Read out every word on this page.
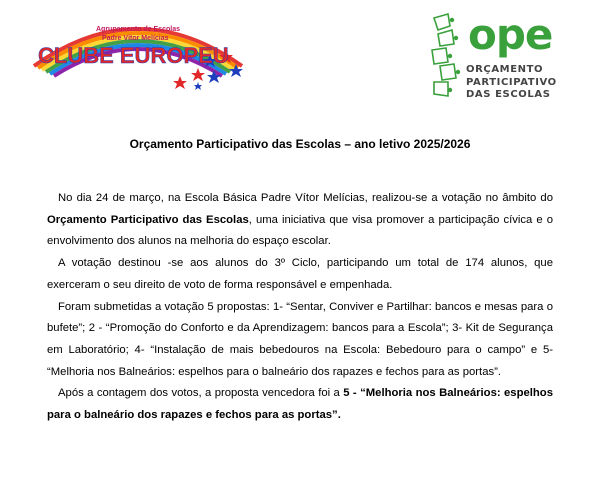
Agrupamento de Escolas
Padre Vítor Melícias
CLUBE EUROPEU	ope
ORÇAMENTO
PARTICIPATIVO
DAS ESCOLAS
Orçamento Participativo das Escolas – ano letivo 2025/2026

No dia 24 de março, na Escola Básica Padre Vítor Melícias, realizou-se a votação no âmbito do Orçamento Participativo das Escolas, uma iniciativa que visa promover a participação cívica e o envolvimento dos alunos na melhoria do espaço escolar.

A votação destinou -se aos alunos do 3º Ciclo, participando um total de 174 alunos, que exerceram o seu direito de voto de forma responsável e empenhada.

Foram submetidas a votação 5 propostas: 1- “Sentar, Conviver e Partilhar: bancos e mesas para o bufete”; 2 - “Promoção do Conforto e da Aprendizagem: bancos para a Escola”; 3- Kit de Segurança em Laboratório; 4- “Instalação de mais bebedouros na Escola: Bebedouro para o campo” e 5- “Melhoria nos Balneários: espelhos para o balneário dos rapazes e fechos para as portas”.

Após a contagem dos votos, a proposta vencedora foi a 5 - “Melhoria nos Balneários: espelhos para o balneário dos rapazes e fechos para as portas”.
